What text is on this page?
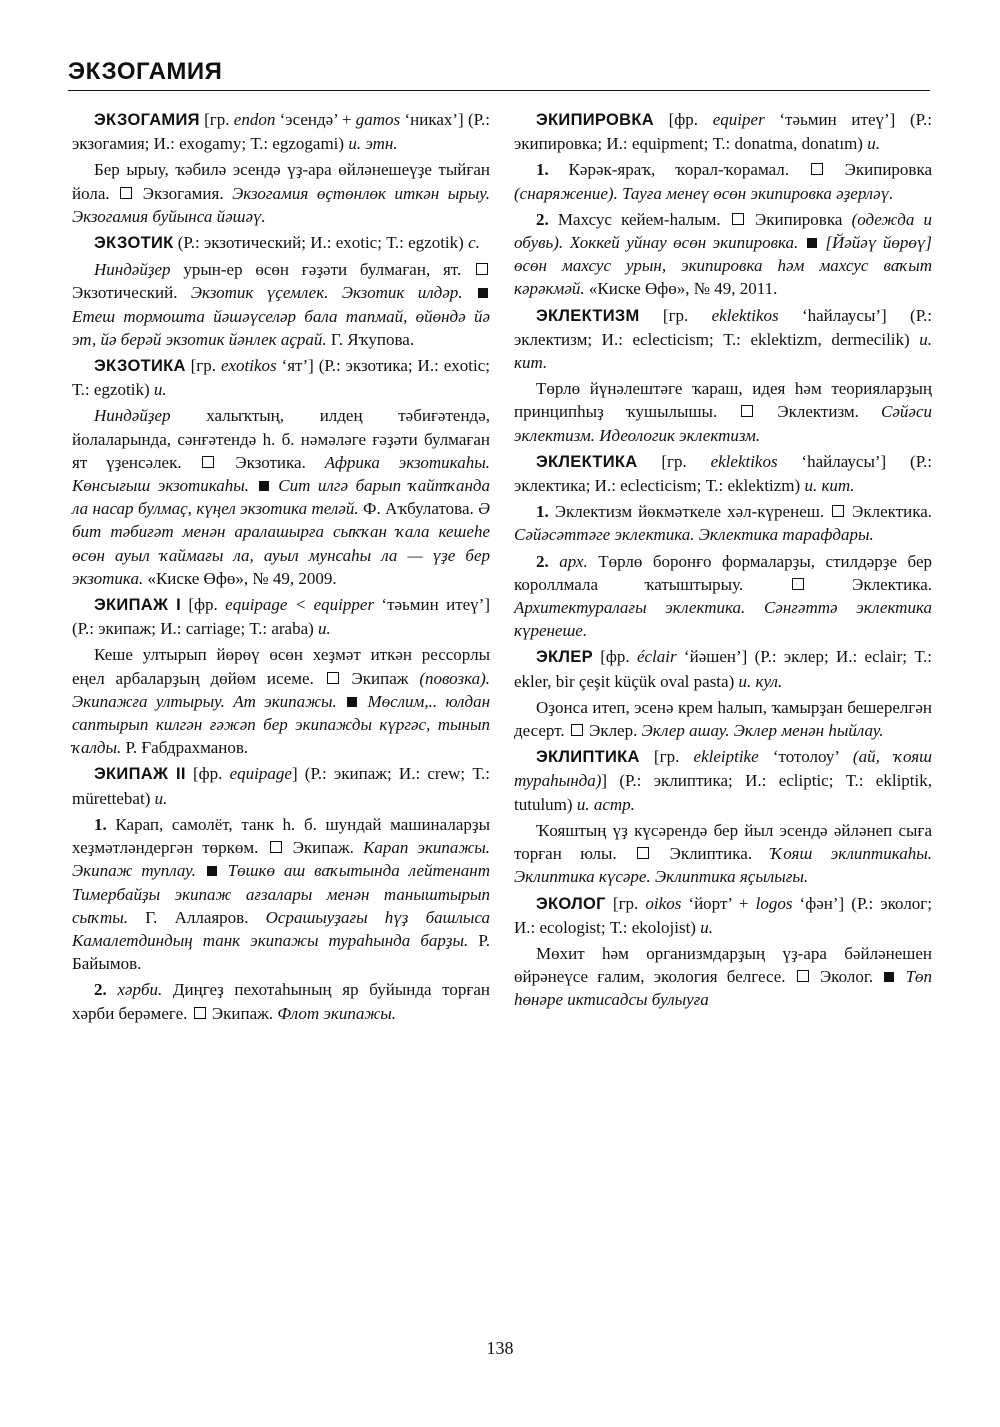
ЭКЗОГАМИЯ

ЭКЗОГАМИЯ [гр. endon ‘эсендә’ + gamos ‘никах’] (Р.: экзогамия; И.: exogamy; Т.: egzogami) и. этн.

Бер ырыу, ҡәбилә эсендә үҙ-ара өйләнешеүҙе тыйған йола.  Экзогамия. Экзогамия өҫтөнлөк иткән ырыу. Экзогамия буйынса йәшәү.

ЭКЗОТИК (Р.: экзотический; И.: exotic; Т.: egzotik) с.

Ниндәйҙер урын-ер өсөн ғәҙәти булмаған, ят.  Экзотический. Экзотик үҫемлек. Экзотик илдәр.  Етеш тормошта йәшәүселәр бала тапмай, өйөндә йә эт, йә берәй экзотик йәнлек аҫрай. Г. Яҡупова.

ЭКЗОТИКА [гр. exotikos ‘ят’] (Р.: экзотика; И.: exotic; Т.: egzotik) и.

Ниндәйҙер халыҡтың, илдең тәбиғәтендә, йолаларында, сәнғәтендә һ. б. нәмәләге ғәҙәти булмаған ят үҙенсәлек.  Экзотика. Африка экзотикаһы. Көнсығыш экзотикаһы.  Сит илгә барып ҡайтҡанда ла насар булмаҫ, күңел экзотика теләй. Ф. Аҡбулатова. Ә бит тәбиғәт менән аралашырға сыҡҡан ҡала кешеһе өсөн ауыл ҡаймағы ла, ауыл мунсаһы ла — үҙе бер экзотика. «Киске Өфө», № 49, 2009.

ЭКИПАЖ I [фр. equipage < equipper ‘тәьмин итеү’] (Р.: экипаж; И.: carriage; Т.: araba) и.

Кеше ултырып йөрөү өсөн хеҙмәт иткән рессорлы еңел арбаларҙың дөйөм исеме.  Экипаж (повозка). Экипажға ултырыу. Ат экипажы.  Мөслим,.. юлдан саптырып килгән ғәжәп бер экипажды күргәс, тынып ҡалды. Р. Ғабдрахманов.

ЭКИПАЖ II [фр. equipage] (Р.: экипаж; И.: crew; Т.: mürettebat) и.

1. Карап, самолёт, танк һ. б. шундай машиналарҙы хеҙмәтләндергән төркөм.  Экипаж. Карап экипажы. Экипаж туплау.  Төшкө аш ваҡытында лейтенант Тимербайҙы экипаж ағзалары менән таныштырып сыҡты. Г. Аллаяров. Осрашыуҙағы һүҙ башлыса Камалетдиндың танк экипажы тураһында барҙы. Р. Байымов.

2. хәрби. Диңгеҙ пехотаһының яр буйында торған хәрби берәмеге.  Экипаж. Флот экипажы.

ЭКИПИРОВКА [фр. equiper ‘тәьмин итеү’] (Р.: экипировка; И.: equipment; Т.: donatma, donatım) и.

1. Кәрәк-яраҡ, ҡорал-ҡорамал.  Экипировка (снаряжение). Тауға менеү өсөн экипировка әҙерләү.

2. Махсус кейем-һалым.  Экипировка (одежда и обувь). Хоккей уйнау өсөн экипировка.  [Йәйәү йөрөү] өсөн махсус урын, экипировка һәм махсус ваҡыт кәрәкмәй. «Киске Өфө», № 49, 2011.

ЭКЛЕКТИЗМ [гр. eklektikos ‘һайлаусы’] (Р.: эклектизм; И.: eclecticism; Т.: eklektizm, dermecilik) и. кит.

Төрлө йүнәлештәге ҡараш, идея һәм теорияларҙың принципһыҙ ҡушылышы.  Эклектизм. Сәйәси эклектизм. Идеологик эклектизм.

ЭКЛЕКТИКА [гр. eklektikos ‘һайлаусы’] (Р.: эклектика; И.: eclecticism; Т.: eklektizm) и. кит.

1. Эклектизм йөкмәткеле хәл-күренеш.  Эклектика. Сәйәсәттәге эклектика. Эклектика тарафдары.

2. арх. Төрлө боронғо формаларҙы, стилдәрҙе бер короллмала ҡатыштырыу.	Эклектика. Архитектуралағы эклектика. Сәнғәттә эклектика күренеше.

ЭКЛЕР [фр. éclair ‘йәшен’] (Р.: эклер; И.: eclair; Т.: ekler, bir çeşit küçük oval pasta) и. кул.

Оҙонса итеп, эсенә крем һалып, ҡамырҙан бешерелгән десерт.  Эклер. Эклер ашау. Эклер менән һыйлау.

ЭКЛИПТИКА [гр. ekleiptike ‘тотолоу’ (ай, ҡояш тураһында)] (Р.: эклиптика; И.: ecliptic; Т.: ekliptik, tutulum) и. астр.

Ҡояштың үҙ күсәрендә бер йыл эсендә әйләнеп сыға торған юлы.  Эклиптика. Ҡояш эклиптикаһы. Эклиптика күсәре. Эклиптика яҫылығы.

ЭКОЛОГ [гр. oikos ‘йорт’ + logos ‘фән’] (Р.: эколог; И.: ecologist; Т.: ekolojist) и.

Мөхит һәм организмдарҙың үҙ-ара бәйләнешен өйрәнеүсе ғалим, экология белгесе.  Эколог.  Төп һөнәре иктисадсы булыуға

138
